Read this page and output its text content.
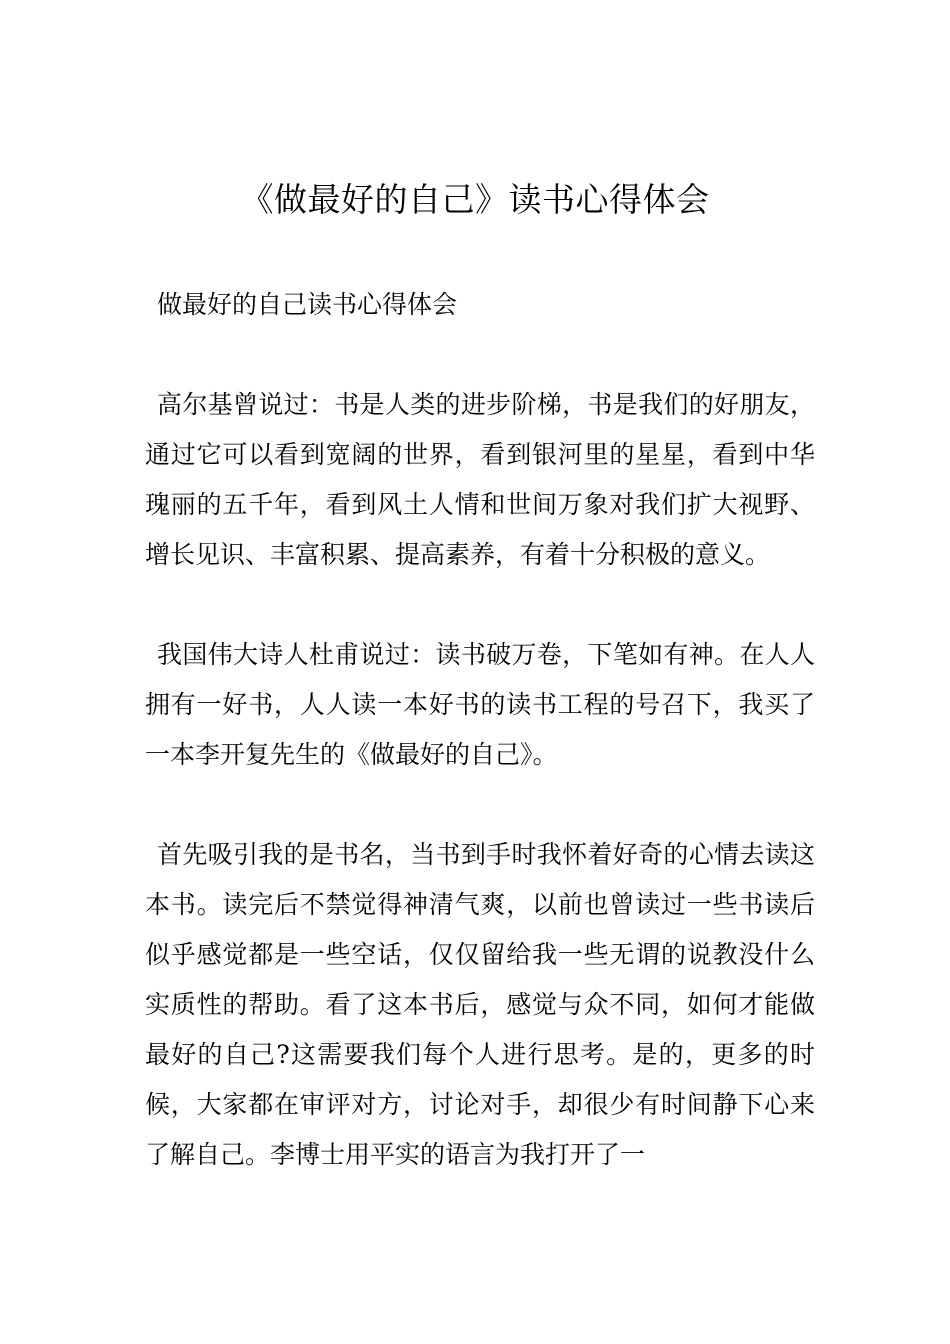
《做最好的自己》读书心得体会

做最好的自己读书心得体会

高尔基曾说过：书是人类的进步阶梯，书是我们的好朋友，通过它可以看到宽阔的世界，看到银河里的星星，看到中华瑰丽的五千年，看到风土人情和世间万象对我们扩大视野、增长见识、丰富积累、提高素养，有着十分积极的意义。

我国伟大诗人杜甫说过：读书破万卷，下笔如有神。在人人拥有一好书，人人读一本好书的读书工程的号召下，我买了一本李开复先生的《做最好的自己》。

首先吸引我的是书名，当书到手时我怀着好奇的心情去读这本书。读完后不禁觉得神清气爽，以前也曾读过一些书读后似乎感觉都是一些空话，仅仅留给我一些无谓的说教没什么实质性的帮助。看了这本书后，感觉与众不同，如何才能做最好的自己?这需要我们每个人进行思考。是的，更多的时候，大家都在审评对方，讨论对手，却很少有时间静下心来了解自己。李博士用平实的语言为我打开了一
